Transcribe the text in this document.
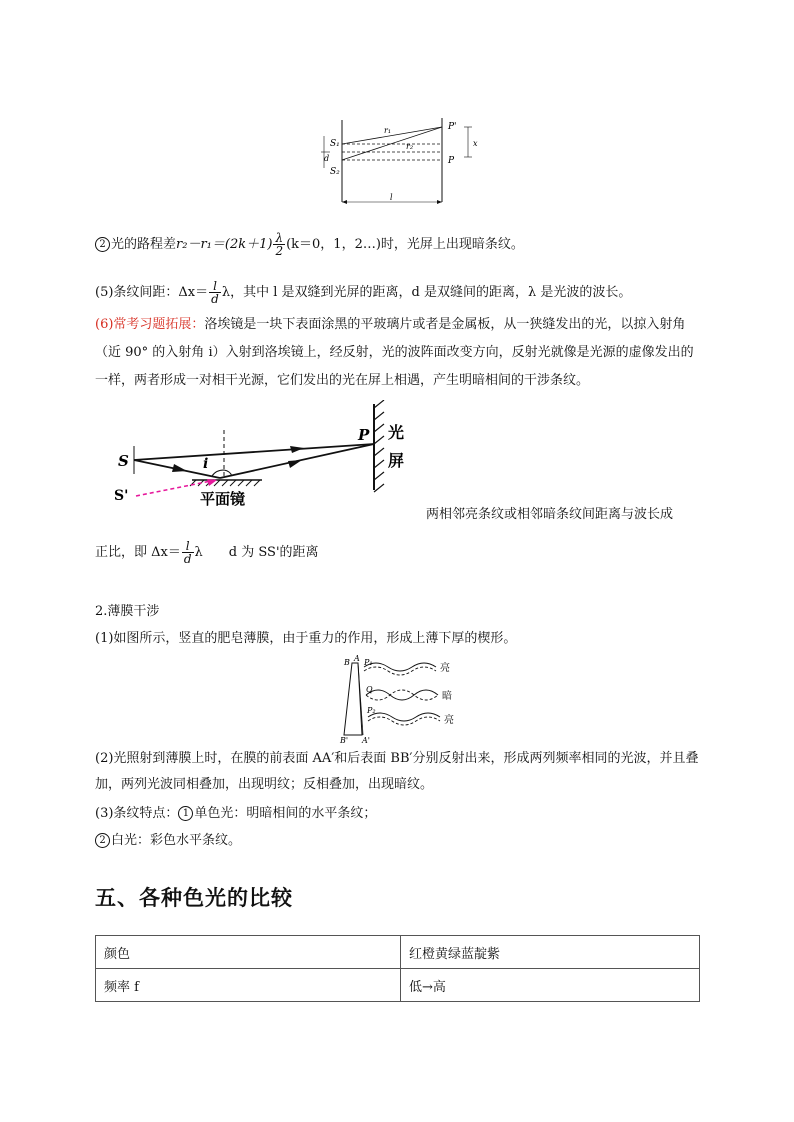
S₁
S₂
d
r₁
r₂
P'
P
x
l
2 光的路程差$r_2-r_1=(2k+1) \frac{\lambda}{2} (k=0$，1，2…)时，光屏上出现暗条纹。
(5)条纹间距：$\Delta x= \frac{l}{d}$ λ，其中 l 是双缝到光屏的距离，d 是双缝间的距离，λ 是光波的波长。
(6)常考习题拓展：洛埃镜是一块下表面涂黑的平玻璃片或者是金属板，从一狭缝发出的光，以掠入射角（近 90° 的入射角 i）入射到洛埃镜上，经反射，光的波阵面改变方向，反射光就像是光源的虚像发出的一样，两者形成一对相干光源，它们发出的光在屏上相遇，产生明暗相间的干涉条纹。
S
S'
P
i
平面镜
光
屏
两相邻亮条纹或相邻暗条纹间距离与波长成
正比，即 $\Delta x= \frac{l}{d}$ λ　　d 为 SS'的距离
2.薄膜干涉
(1)如图所示，竖直的肥皂薄膜，由于重力的作用，形成上薄下厚的楔形。
B A P₁
Q
P₂
B' A'
亮
暗
亮
(2)光照射到薄膜上时，在膜的前表面 AA′和后表面 BB′分别反射出来，形成两列频率相同的光波，并且叠加，两列光波同相叠加，出现明纹；反相叠加，出现暗纹。
(3)条纹特点： 1 单色光：明暗相间的水平条纹；
2 白光：彩色水平条纹。
五、各种色光的比较
颜色	红橙黄绿蓝靛紫
频率 f	低→高
